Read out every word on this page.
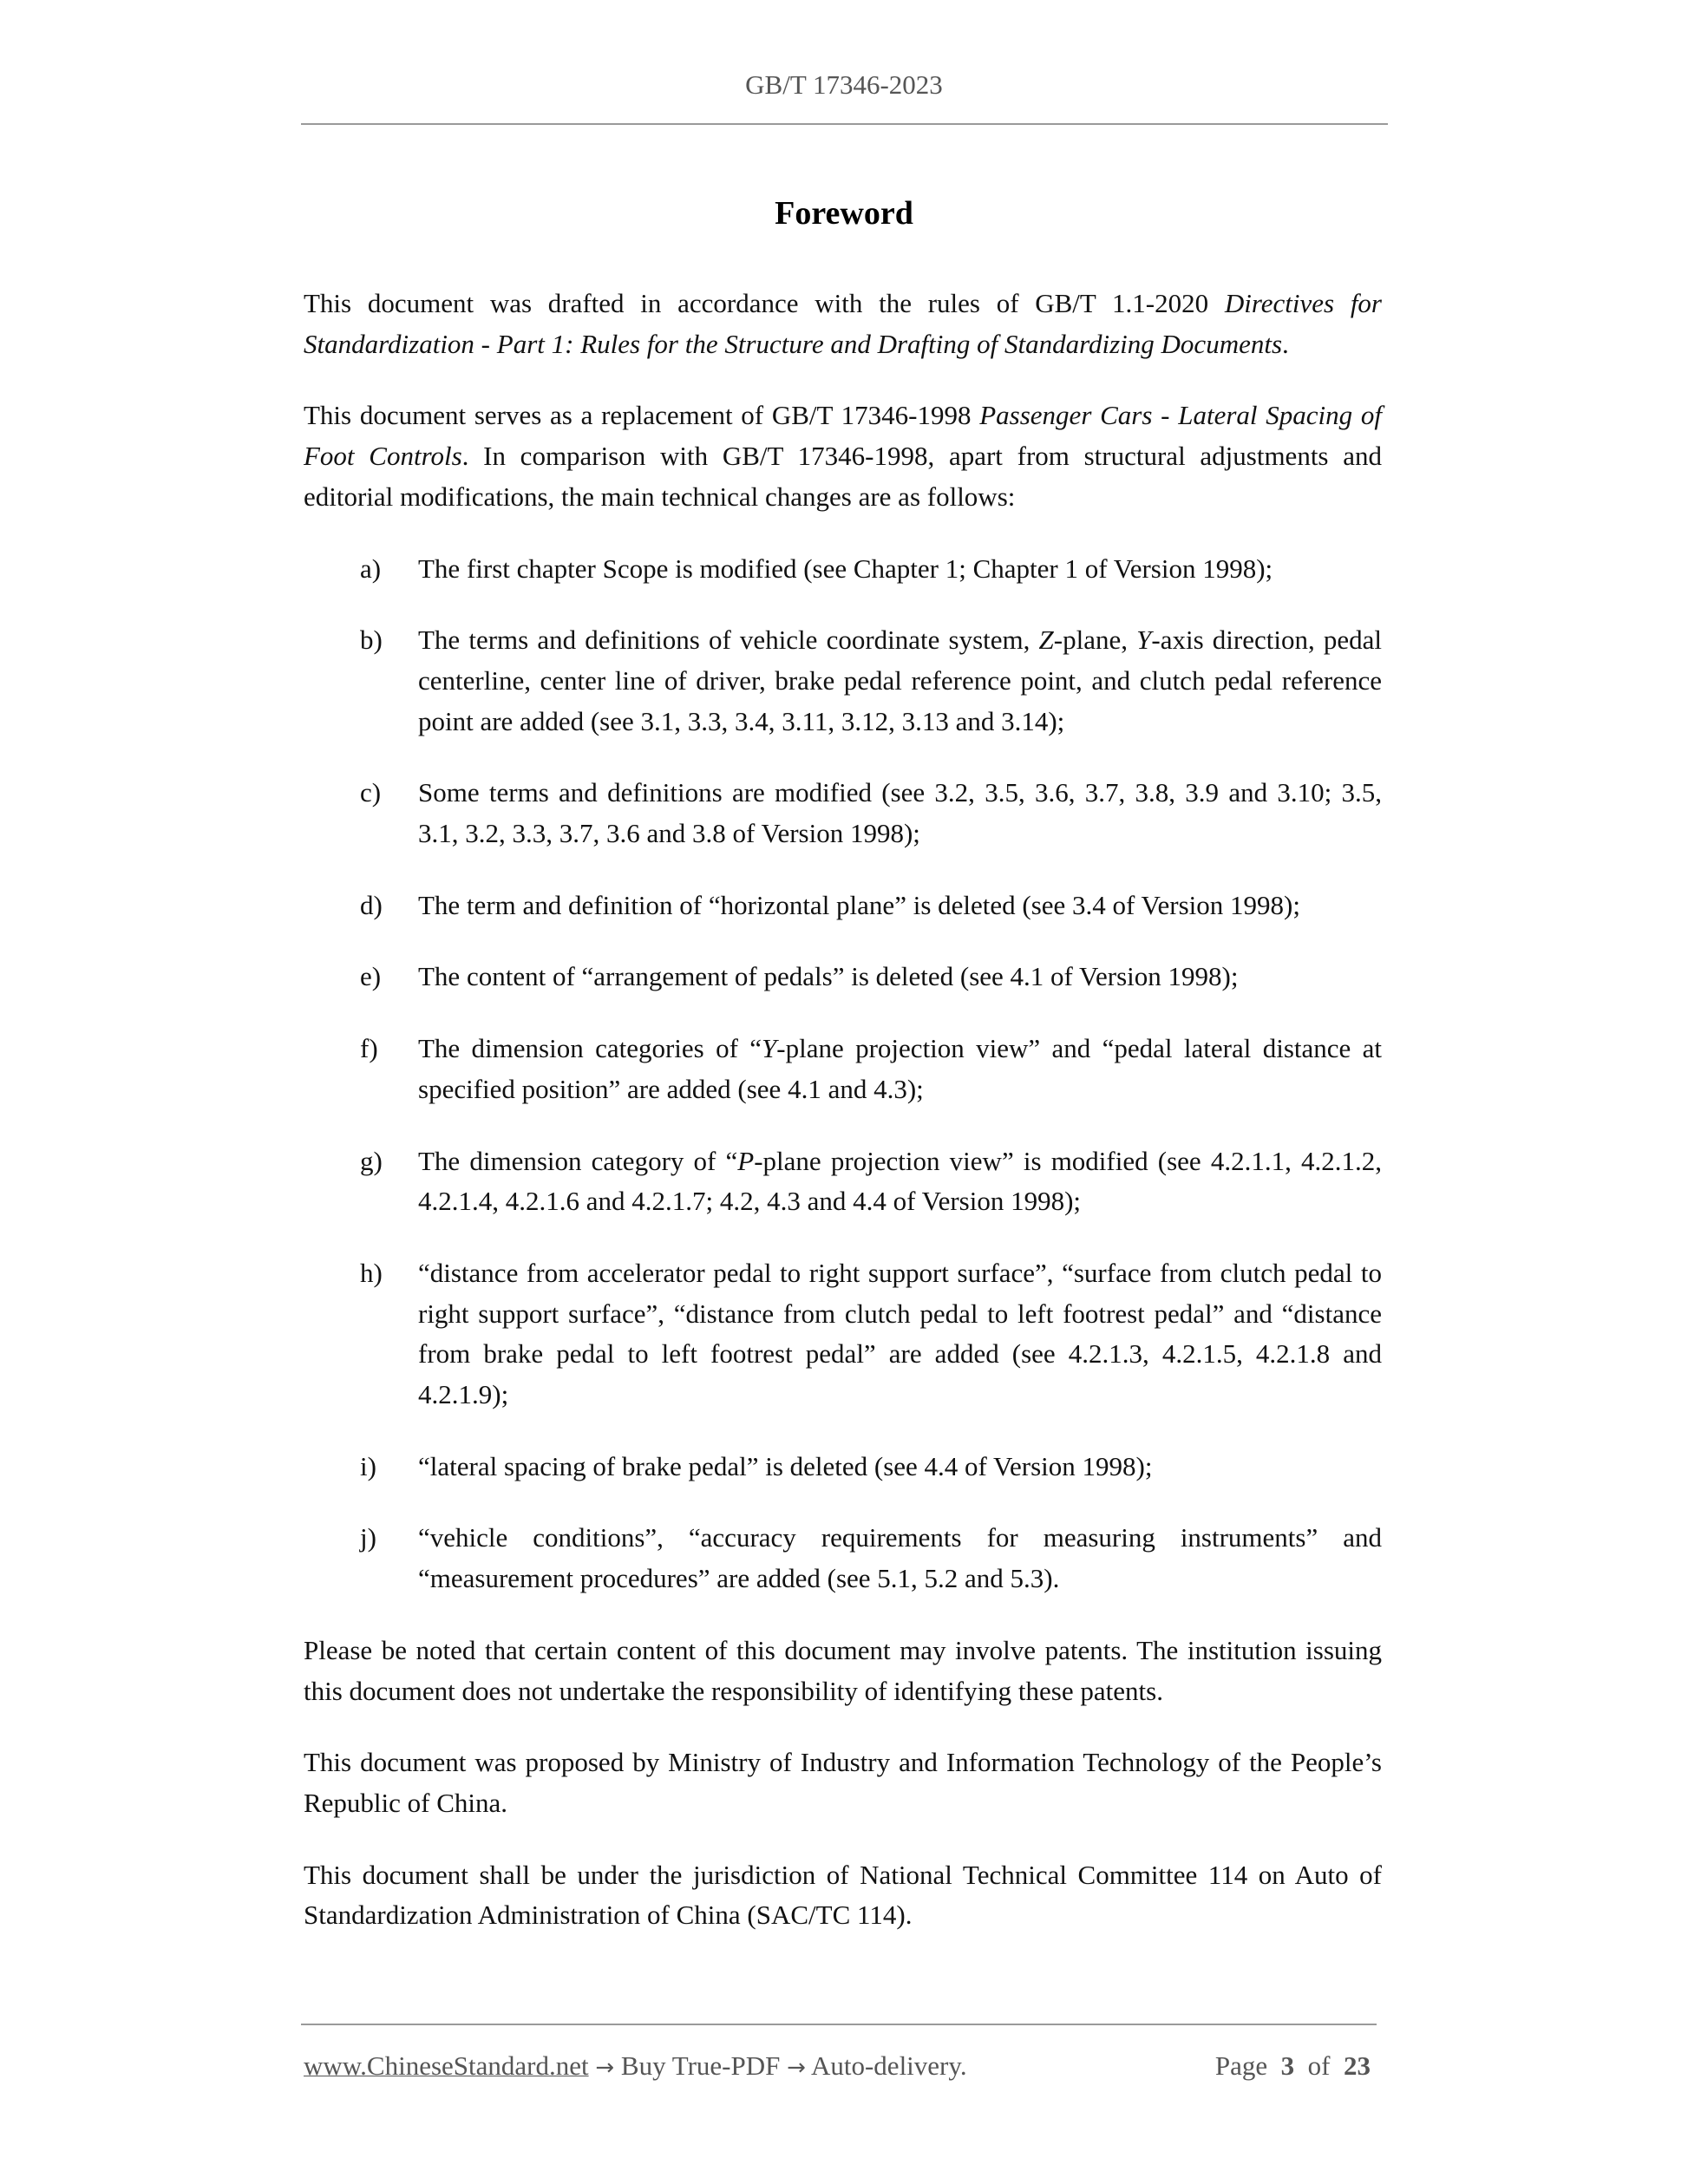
GB/T 17346-2023
Foreword

This document was drafted in accordance with the rules of GB/T 1.1-2020 Directives for Standardization - Part 1: Rules for the Structure and Drafting of Standardizing Documents.

This document serves as a replacement of GB/T 17346-1998 Passenger Cars - Lateral Spacing of Foot Controls. In comparison with GB/T 17346-1998, apart from structural adjustments and editorial modifications, the main technical changes are as follows:

a)	The first chapter Scope is modified (see Chapter 1; Chapter 1 of Version 1998);
b)	The terms and definitions of vehicle coordinate system, Z-plane, Y-axis direction, pedal centerline, center line of driver, brake pedal reference point, and clutch pedal reference point are added (see 3.1, 3.3, 3.4, 3.11, 3.12, 3.13 and 3.14);
c)	Some terms and definitions are modified (see 3.2, 3.5, 3.6, 3.7, 3.8, 3.9 and 3.10; 3.5, 3.1, 3.2, 3.3, 3.7, 3.6 and 3.8 of Version 1998);
d)	The term and definition of “horizontal plane” is deleted (see 3.4 of Version 1998);
e)	The content of “arrangement of pedals” is deleted (see 4.1 of Version 1998);
f)	The dimension categories of “Y-plane projection view” and “pedal lateral distance at specified position” are added (see 4.1 and 4.3);
g)	The dimension category of “P-plane projection view” is modified (see 4.2.1.1, 4.2.1.2, 4.2.1.4, 4.2.1.6 and 4.2.1.7; 4.2, 4.3 and 4.4 of Version 1998);
h)	“distance from accelerator pedal to right support surface”, “surface from clutch pedal to right support surface”, “distance from clutch pedal to left footrest pedal” and “distance from brake pedal to left footrest pedal” are added (see 4.2.1.3, 4.2.1.5, 4.2.1.8 and 4.2.1.9);
i)	“lateral spacing of brake pedal” is deleted (see 4.4 of Version 1998);
j)	“vehicle conditions”, “accuracy requirements for measuring instruments” and “measurement procedures” are added (see 5.1, 5.2 and 5.3).

Please be noted that certain content of this document may involve patents. The institution issuing this document does not undertake the responsibility of identifying these patents.

This document was proposed by Ministry of Industry and Information Technology of the People’s Republic of China.

This document shall be under the jurisdiction of National Technical Committee 114 on Auto of Standardization Administration of China (SAC/TC 114).

www.ChineseStandard.net → Buy True-PDF → Auto-delivery.	Page 3 of 23
